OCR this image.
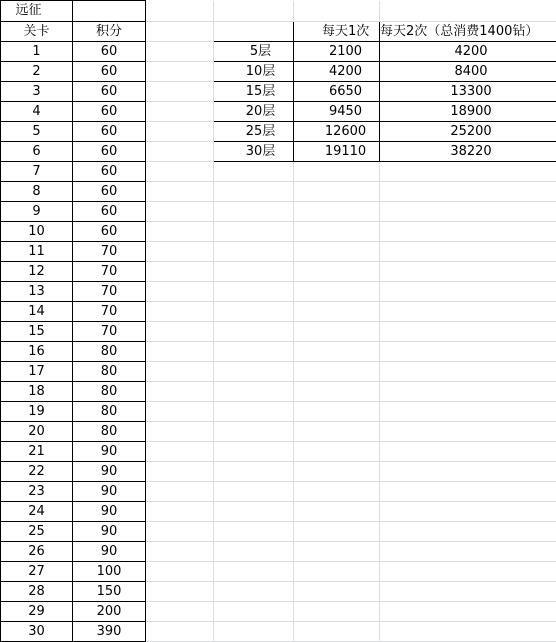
远征					
关卡	积分			每天1次	每天2次（总消费1400钻）
1	60		5层	2100	4200
2	60		10层	4200	8400
3	60		15层	6650	13300
4	60		20层	9450	18900
5	60		25层	12600	25200
6	60		30层	19110	38220
7	60				
8	60				
9	60				
10	60				
11	70				
12	70				
13	70				
14	70				
15	70				
16	80				
17	80				
18	80				
19	80				
20	80				
21	90				
22	90				
23	90				
24	90				
25	90				
26	90				
27	100				
28	150				
29	200				
30	390				
